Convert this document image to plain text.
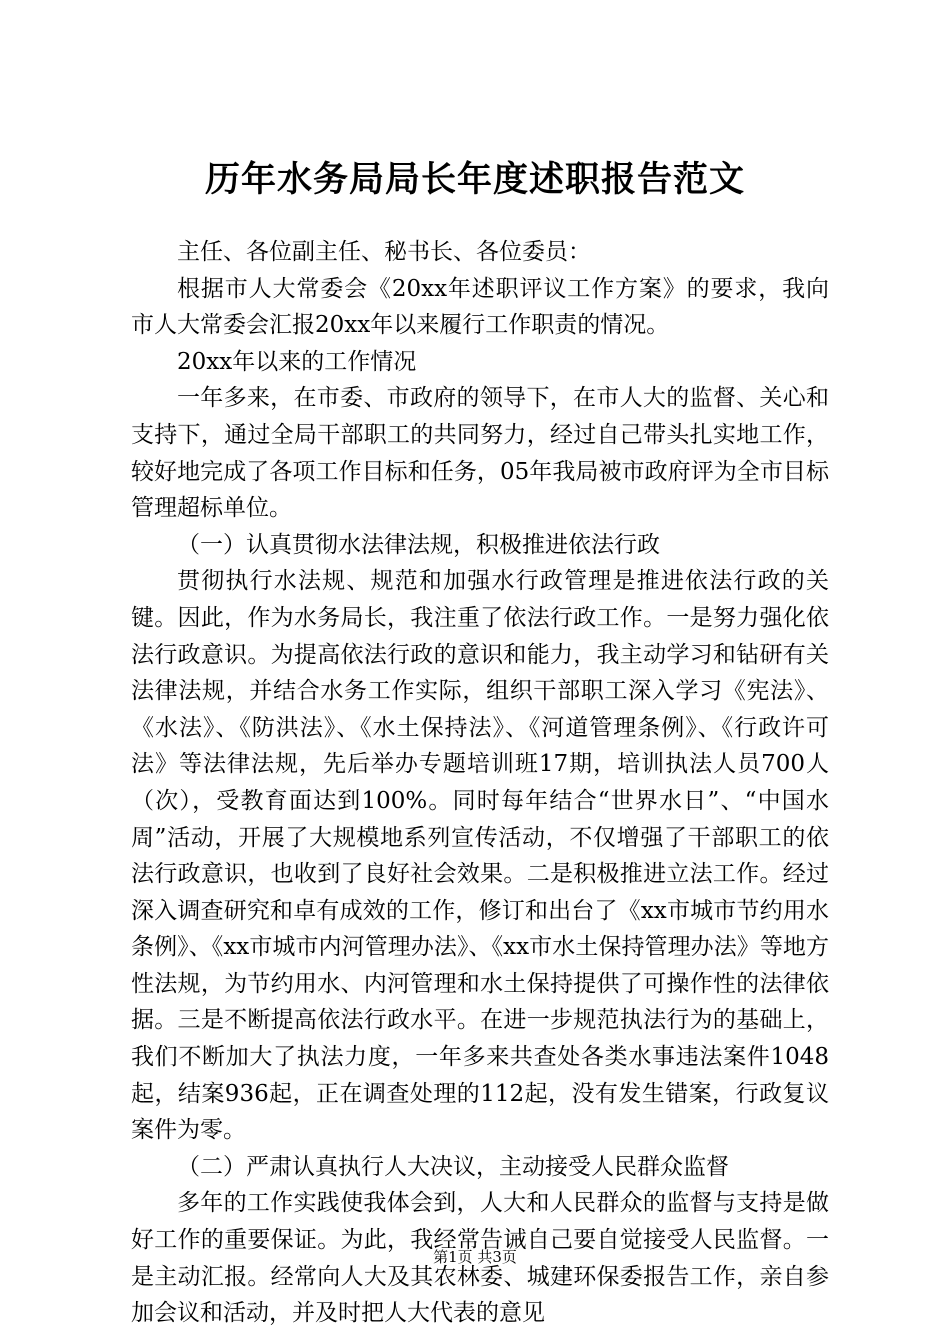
历年水务局局长年度述职报告范文

主任、各位副主任、秘书长、各位委员：

根据市人大常委会《20xx年述职评议工作方案》的要求，我向市人大常委会汇报20xx年以来履行工作职责的情况。

20xx年以来的工作情况

一年多来，在市委、市政府的领导下，在市人大的监督、关心和支持下，通过全局干部职工的共同努力，经过自己带头扎实地工作，较好地完成了各项工作目标和任务，05年我局被市政府评为全市目标管理超标单位。

（一）认真贯彻水法律法规，积极推进依法行政

贯彻执行水法规、规范和加强水行政管理是推进依法行政的关键。因此，作为水务局长，我注重了依法行政工作。一是努力强化依法行政意识。为提高依法行政的意识和能力，我主动学习和钻研有关法律法规，并结合水务工作实际，组织干部职工深入学习《宪法》、《水法》、《防洪法》、《水土保持法》、《河道管理条例》、《行政许可法》等法律法规，先后举办专题培训班17期，培训执法人员700人（次），受教育面达到100%。同时每年结合“世界水日”、“中国水周”活动，开展了大规模地系列宣传活动，不仅增强了干部职工的依法行政意识，也收到了良好社会效果。二是积极推进立法工作。经过深入调查研究和卓有成效的工作，修订和出台了《xx市城市节约用水条例》、《xx市城市内河管理办法》、《xx市水土保持管理办法》等地方性法规，为节约用水、内河管理和水土保持提供了可操作性的法律依据。三是不断提高依法行政水平。在进一步规范执法行为的基础上，我们不断加大了执法力度，一年多来共查处各类水事违法案件1048起，结案936起，正在调查处理的112起，没有发生错案，行政复议案件为零。

（二）严肃认真执行人大决议，主动接受人民群众监督

多年的工作实践使我体会到，人大和人民群众的监督与支持是做好工作的重要保证。为此，我经常告诫自己要自觉接受人民监督。一是主动汇报。经常向人大及其农林委、城建环保委报告工作，亲自参加会议和活动，并及时把人大代表的意见

第1页 共3页
